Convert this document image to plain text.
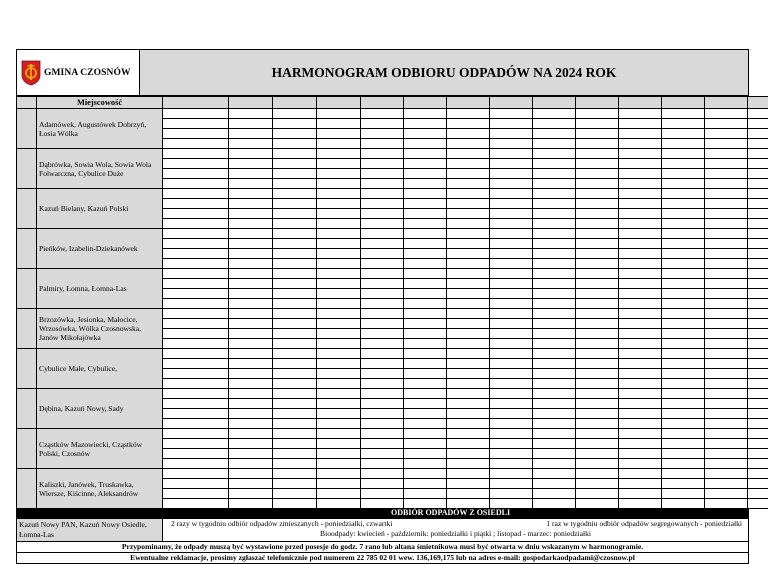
GMINA CZOSNÓW	HARMONOGRAM ODBIORU ODPADÓW NA 2024 ROK
	Miejscowość														
	Adamówek, Augustówek Dobrzyń, Łosia Wólka														

	Dąbrówka, Sowia Wola, Sowia Wola Folwarczna, Cybulice Duże														

	Kazuń Bielany, Kazuń Polski														

	Pieńków, Izabelin-Dziekanówek														

	Palmiry, Łomna, Łomna-Las														

	Brzozówka, Jesionka, Małocice, Wrzosówka, Wólka Czosnowska, Janów Mikołajówka														

	Cybulice Małe, Cybulice,														

	Dębina, Kazuń Nowy, Sady														

	Cząstków Mazowiecki, Cząstków Polski, Czosnów														

	Kaliszki, Janówek, Truskawka, Wiersze, Kiścinne, Aleksandrów														

ODBIÓR ODPADÓW Z OSIEDLI
Kazuń Nowy PAN, Kazuń Nowy Osiedle, Łomna-Las
2 razy w tygodniu odbiór odpadów zmieszanych - poniedziałki, czwartki	1 raz w tygodniu odbiór odpadów segregowanych - poniedziałki
Bioodpady: kwiecień - październik: poniedziałki i piątki ; listopad - marzec: poniedziałki
Przypominamy, że odpady muszą być wystawione przed posesje do godz. 7 rano lub altana śmietnikowa musi być otwarta w dniu wskazanym w harmonogramie.
Ewentualne reklamacje, prosimy zgłaszać telefonicznie pod numerem 22 785 02 01 wew. 136,169,175 lub na adres e-mail: gospodarkaodpadami@czosnow.pl
